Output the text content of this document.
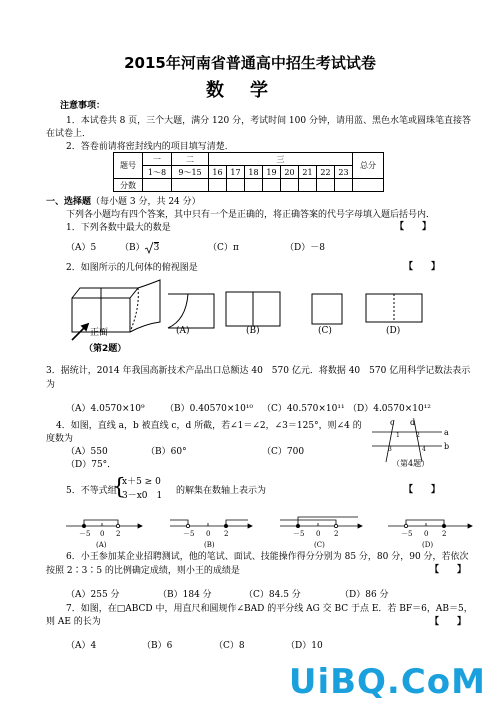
2015年河南省普通高中招生考试试卷
数学
注意事项：
1．本试卷共 8 页，三个大题，满分 120 分，考试时间 100 分钟，请用蓝、黑色水笔或圆珠笔直接答
在试卷上．
2．答卷前请将密封线内的项目填写清楚．
题号	一	二	三								总分
	1～8	9～15	16	17	18	19	20	21	22	23	
分数											
一、选择题（每小题 3 分，共 24 分）
下列各小题均有四个答案，其中只有一个是正确的，将正确答案的代号字母填入题后括号内．
1．下列各数中最大的数是	【　　】
（A）5	（B） 3	（C）π	（D）－8
2．如图所示的几何体的俯视图是	【　　】
正面
（第2题）
(A)	(B)	(C)	(D)
3．据统计，2014 年我国高新技术产品出口总额达 40　570 亿元．将数据 40　570 亿用科学记数法表示
为
（A）4.0570×10⁹ （B）0.40570×10¹⁰ （C）40.570×10¹¹ （D）4.0570×10¹²
4．如图，直线 a，b 被直线 c，d 所截，若∠1＝∠2，∠3＝125°，则∠4 的
度数为
（A）550	（B）60°	（C）700
（D）75°．
c d
a
b
1	2
3	4
（第4题）
5．不等式组
{
x＋5 ≥ 0
3－x0　1 的解集在数轴上表示为	【　　】
－5 0 2	－5 0 2	－5 0 2	－5 0 2
(A)	(B)	(C)	(D)
6．小王参加某企业招聘测试，他的笔试、面试、技能操作得分分别为 85 分，80 分，90 分，若依次
按照 2∶3∶5 的比例确定成绩，则小王的成绩是	【　　】
（A）255 分	（B）184 分	（C）84.5 分	（D）86 分
7．如图，在□ABCD 中，用直尺和圆规作∠BAD 的平分线 AG 交 BC 于点 E．若 BF＝6，AB＝5，
则 AE 的长为	【　　】
（A）4	（B）6	（C）8	（D）10
UiBQ.CoM
